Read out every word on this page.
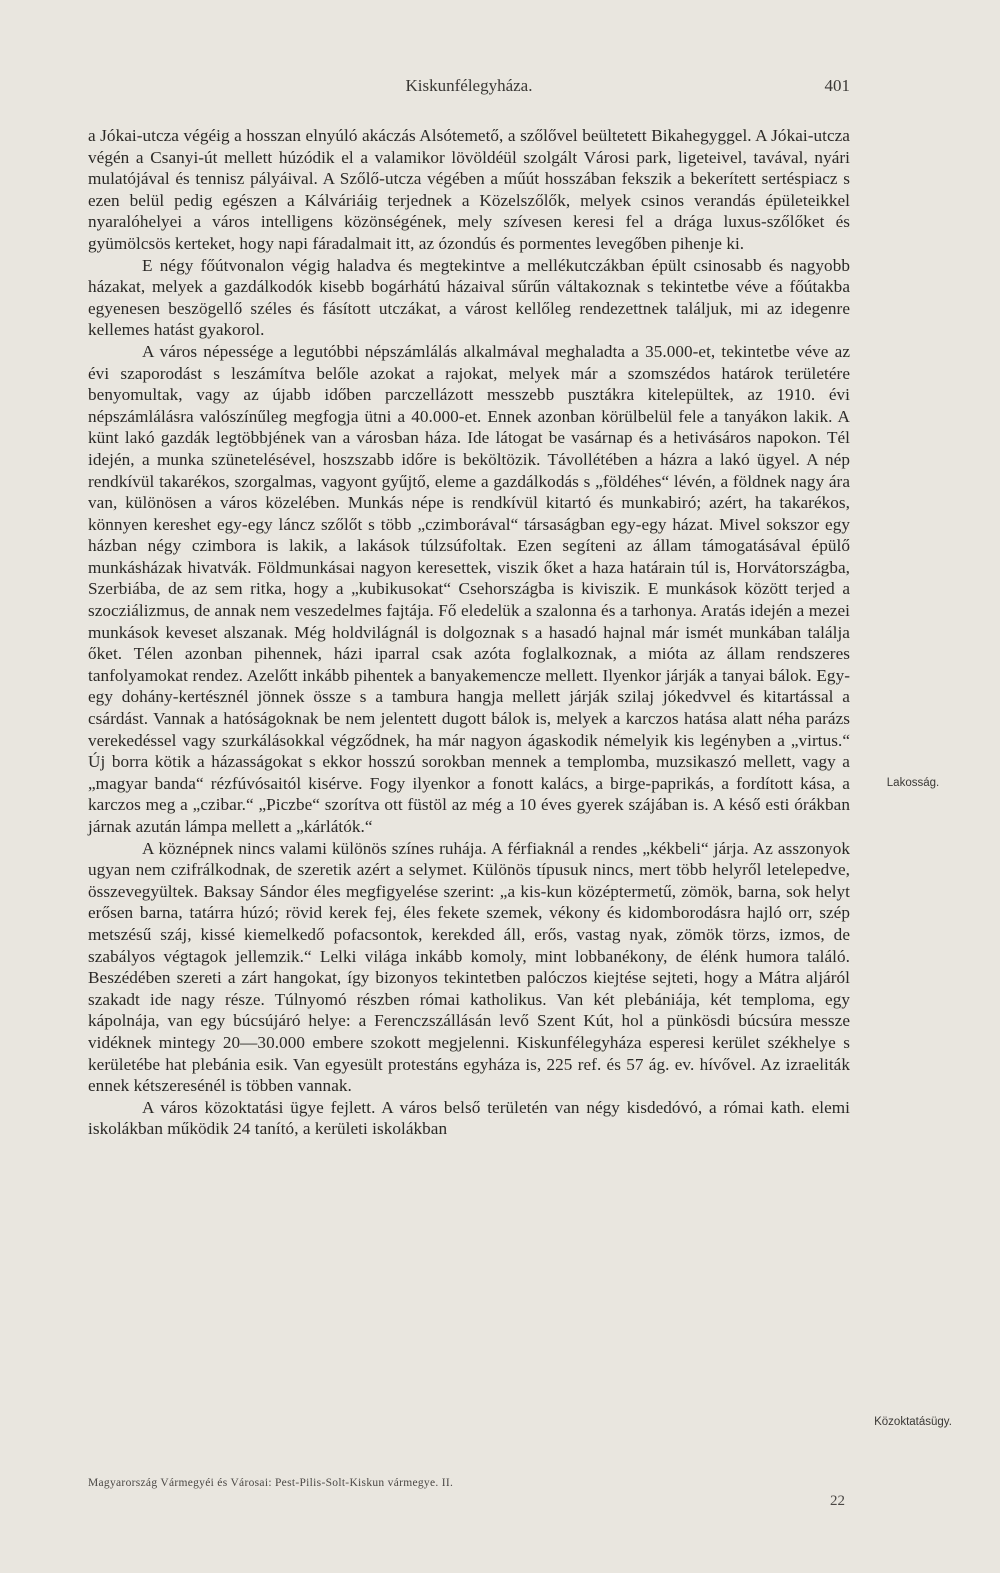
Kiskunfélegyháza.	401

a Jókai-utcza végéig a hosszan elnyúló akáczás Alsótemető, a szőlővel beültetett Bikahegyggel. A Jókai-utcza végén a Csanyi-út mellett húzódik el a valamikor lövöldéül szolgált Városi park, ligeteivel, tavával, nyári mulatójával és tennisz pályáival. A Szőlő-utcza végében a műút hosszában fekszik a bekerített sertéspiacz s ezen belül pedig egészen a Kálváriáig terjednek a Közelszőlők, melyek csinos verandás épületeikkel nyaralóhelyei a város intelligens közönségének, mely szívesen keresi fel a drága luxus-szőlőket és gyümölcsös kerteket, hogy napi fáradalmait itt, az ózondús és pormentes levegőben pihenje ki.

E négy főútvonalon végig haladva és megtekintve a mellékutczákban épült csinosabb és nagyobb házakat, melyek a gazdálkodók kisebb bogárhátú házaival sűrűn váltakoznak s tekintetbe véve a főútakba egyenesen beszögellő széles és fásított utczákat, a várost kellőleg rendezettnek találjuk, mi az idegenre kellemes hatást gyakorol.

A város népessége a legutóbbi népszámlálás alkalmával meghaladta a 35.000-et, tekintetbe véve az évi szaporodást s leszámítva belőle azokat a rajokat, melyek már a szomszédos határok területére benyomultak, vagy az újabb időben parczellázott messzebb pusztákra kitelepültek, az 1910. évi népszámlálásra valószínűleg megfogja ütni a 40.000-et. Ennek azonban körülbelül fele a tanyákon lakik. A künt lakó gazdák legtöbbjének van a városban háza. Ide látogat be vasárnap és a hetivásáros napokon. Tél idején, a munka szünetelésével, hoszszabb időre is beköltözik. Távollétében a házra a lakó ügyel. A nép rendkívül takarékos, szorgalmas, vagyont gyűjtő, eleme a gazdálkodás s „földéhes“ lévén, a földnek nagy ára van, különösen a város közelében. Munkás népe is rendkívül kitartó és munkabiró; azért, ha takarékos, könnyen kereshet egy-egy láncz szőlőt s több „czimborával“ társaságban egy-egy házat. Mivel sokszor egy házban négy czimbora is lakik, a lakások túlzsúfoltak. Ezen segíteni az állam támogatásával épülő munkásházak hivatvák. Földmunkásai nagyon keresettek, viszik őket a haza határain túl is, Horvátországba, Szerbiába, de az sem ritka, hogy a „kubikusokat“ Csehországba is kiviszik. E munkások között terjed a szocziálizmus, de annak nem veszedelmes fajtája. Fő eledelük a szalonna és a tarhonya. Aratás idején a mezei munkások keveset alszanak. Még holdvilágnál is dolgoznak s a hasadó hajnal már ismét munkában találja őket. Télen azonban pihennek, házi iparral csak azóta foglalkoznak, a mióta az állam rendszeres tanfolyamokat rendez. Azelőtt inkább pihentek a banyakemencze mellett. Ilyenkor járják a tanyai bálok. Egy-egy dohány-kertésznél jönnek össze s a tambura hangja mellett járják szilaj jókedvvel és kitartással a csárdást. Vannak a hatóságoknak be nem jelentett dugott bálok is, melyek a karczos hatása alatt néha parázs verekedéssel vagy szurkálásokkal végződnek, ha már nagyon ágaskodik némelyik kis legényben a „virtus.“ Új borra kötik a házasságokat s ekkor hosszú sorokban mennek a templomba, muzsikaszó mellett, vagy a „magyar banda“ rézfúvósaitól kisérve. Fogy ilyenkor a fonott kalács, a birge-paprikás, a fordított kása, a karczos meg a „czibar.“ „Piczbe“ szorítva ott füstöl az még a 10 éves gyerek szájában is. A késő esti órákban járnak azután lámpa mellett a „kárlátók.“

A köznépnek nincs valami különös színes ruhája. A férfiaknál a rendes „kékbeli“ járja. Az asszonyok ugyan nem czifrálkodnak, de szeretik azért a selymet. Különös típusuk nincs, mert több helyről letelepedve, összevegyültek. Baksay Sándor éles megfigyelése szerint: „a kis-kun középtermetű, zömök, barna, sok helyt erősen barna, tatárra húzó; rövid kerek fej, éles fekete szemek, vékony és kidomborodásra hajló orr, szép metszésű száj, kissé kiemelkedő pofacsontok, kerekded áll, erős, vastag nyak, zömök törzs, izmos, de szabályos végtagok jellemzik.“ Lelki világa inkább komoly, mint lobbanékony, de élénk humora találó. Beszédében szereti a zárt hangokat, így bizonyos tekintetben palóczos kiejtése sejteti, hogy a Mátra aljáról szakadt ide nagy része. Túlnyomó részben római katholikus. Van két plebániája, két temploma, egy kápolnája, van egy búcsújáró helye: a Ferenczszállásán levő Szent Kút, hol a pünkösdi búcsúra messze vidéknek mintegy 20—30.000 embere szokott megjelenni. Kiskunfélegyháza esperesi kerület székhelye s kerületébe hat plebánia esik. Van egyesült protestáns egyháza is, 225 ref. és 57 ág. ev. hívővel. Az izraeliták ennek kétszeresénél is többen vannak.

A város közoktatási ügye fejlett. A város belső területén van négy kisdedóvó, a római kath. elemi iskolákban működik 24 tanító, a kerületi iskolákban

Lakosság.
Közoktatásügy.
Magyarország Vármegyéi és Városai: Pest-Pilis-Solt-Kiskun vármegye. II.
22
